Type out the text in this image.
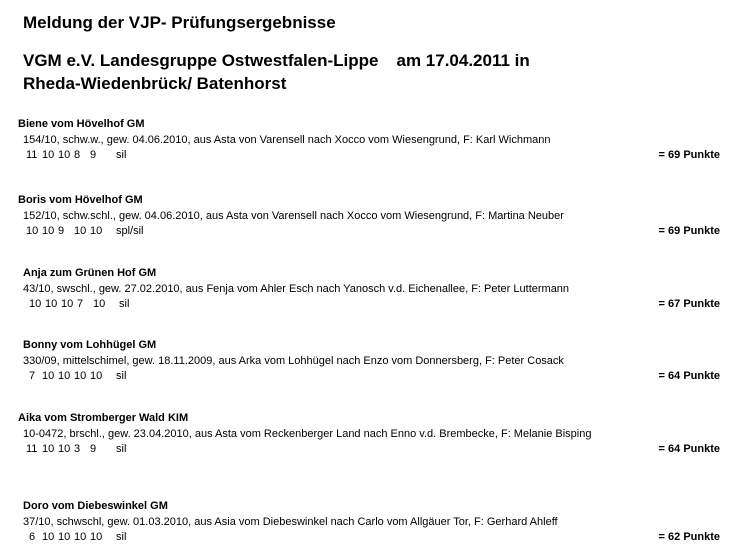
Meldung der VJP- Prüfungsergebnisse
VGM e.V. Landesgruppe Ostwestfalen-Lippe am 17.04.2011 in
Rheda-Wiedenbrück/ Batenhorst
Biene vom Hövelhof GM
154/10, schw.w., gew. 04.06.2010, aus Asta von Varensell nach Xocco vom Wiesengrund, F: Karl Wichmann
11 10 10 8 9	sil	= 69 Punkte
Boris vom Hövelhof GM
152/10, schw.schl., gew. 04.06.2010, aus Asta von Varensell nach Xocco vom Wiesengrund, F: Martina Neuber
10 10 9 10 10	spl/sil	= 69 Punkte
Anja zum Grünen Hof GM
43/10, swschl., gew. 27.02.2010, aus Fenja vom Ahler Esch nach Yanosch v.d. Eichenallee, F: Peter Luttermann
10 10 10 7 10	sil	= 67 Punkte
Bonny vom Lohhügel GM
330/09, mittelschimel, gew. 18.11.2009, aus Arka vom Lohhügel nach Enzo vom Donnersberg, F: Peter Cosack
7 10 10 10 10	sil	= 64 Punkte
Aika vom Stromberger Wald KIM
10-0472, brschl., gew. 23.04.2010, aus Asta vom Reckenberger Land nach Enno v.d. Brembecke, F: Melanie Bisping
11 10 10 3 9	sil	= 64 Punkte
Doro vom Diebeswinkel GM
37/10, schwschl, gew. 01.03.2010, aus Asia vom Diebeswinkel nach Carlo vom Allgäuer Tor, F: Gerhard Ahleff
6 10 10 10 10	sil	= 62 Punkte
